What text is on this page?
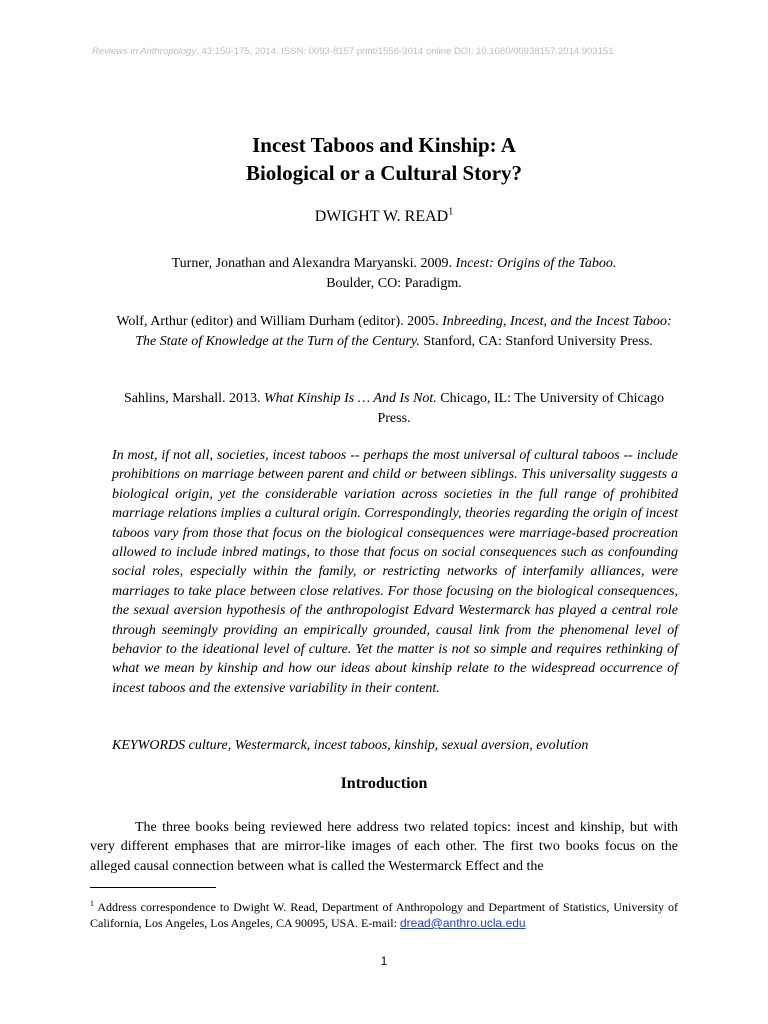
Reviews in Anthropology, 43:150-175, 2014. ISSN: 0093-8157 print/1556-3014 online DOI: 10.1080/00938157.2014.903151
Incest Taboos and Kinship: A
Biological or a Cultural Story?
DWIGHT W. READ$^1$
Turner, Jonathan and Alexandra Maryanski. 2009. Incest: Origins of the Taboo.
Boulder, CO: Paradigm.
Wolf, Arthur (editor) and William Durham (editor). 2005. Inbreeding, Incest, and the Incest Taboo: The State of Knowledge at the Turn of the Century. Stanford, CA: Stanford University Press.
Sahlins, Marshall. 2013. What Kinship Is … And Is Not. Chicago, IL: The University of Chicago Press.

In most, if not all, societies, incest taboos -- perhaps the most universal of cultural taboos -- include prohibitions on marriage between parent and child or between siblings. This universality suggests a biological origin, yet the considerable variation across societies in the full range of prohibited marriage relations implies a cultural origin. Correspondingly, theories regarding the origin of incest taboos vary from those that focus on the biological consequences were marriage-based procreation allowed to include inbred matings, to those that focus on social consequences such as confounding social roles, especially within the family, or restricting networks of interfamily alliances, were marriages to take place between close relatives. For those focusing on the biological consequences, the sexual aversion hypothesis of the anthropologist Edvard Westermarck has played a central role through seemingly providing an empirically grounded, causal link from the phenomenal level of behavior to the ideational level of culture. Yet the matter is not so simple and requires rethinking of what we mean by kinship and how our ideas about kinship relate to the widespread occurrence of incest taboos and the extensive variability in their content.

KEYWORDS culture, Westermarck, incest taboos, kinship, sexual aversion, evolution
Introduction

The three books being reviewed here address two related topics: incest and kinship, but with very different emphases that are mirror-like images of each other. The first two books focus on the alleged causal connection between what is called the Westermarck Effect and the

$^1$ Address correspondence to Dwight W. Read, Department of Anthropology and Department of Statistics, University of California, Los Angeles, Los Angeles, CA 90095, USA. E-mail: dread@anthro.ucla.edu

1
